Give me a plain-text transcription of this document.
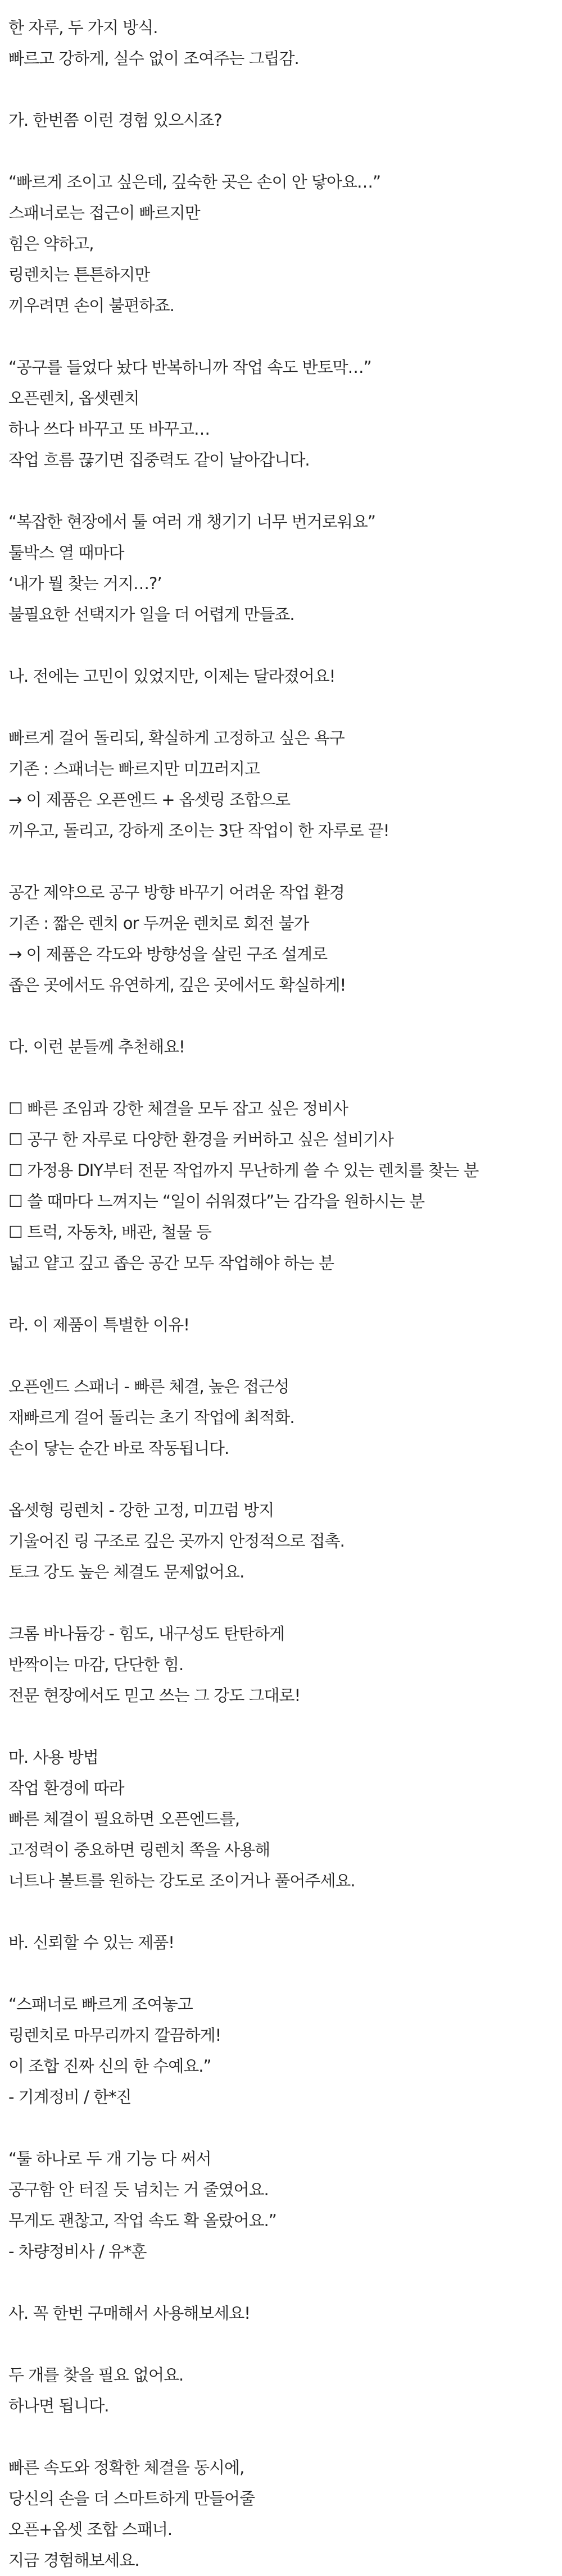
한 자루, 두 가지 방식.
빠르고 강하게, 실수 없이 조여주는 그립감.
가. 한번쯤 이런 경험 있으시죠?
“빠르게 조이고 싶은데, 깊숙한 곳은 손이 안 닿아요…”
스패너로는 접근이 빠르지만
힘은 약하고,
링렌치는 튼튼하지만
끼우려면 손이 불편하죠.
“공구를 들었다 놨다 반복하니까 작업 속도 반토막…”
오픈렌치, 옵셋렌치
하나 쓰다 바꾸고 또 바꾸고…
작업 흐름 끊기면 집중력도 같이 날아갑니다.
“복잡한 현장에서 툴 여러 개 챙기기 너무 번거로워요”
툴박스 열 때마다
‘내가 뭘 찾는 거지…?’
불필요한 선택지가 일을 더 어렵게 만들죠.
나. 전에는 고민이 있었지만, 이제는 달라졌어요!
빠르게 걸어 돌리되, 확실하게 고정하고 싶은 욕구
기존 : 스패너는 빠르지만 미끄러지고
→ 이 제품은 오픈엔드 + 옵셋링 조합으로
끼우고, 돌리고, 강하게 조이는 3단 작업이 한 자루로 끝!
공간 제약으로 공구 방향 바꾸기 어려운 작업 환경
기존 : 짧은 렌치 or 두꺼운 렌치로 회전 불가
→ 이 제품은 각도와 방향성을 살린 구조 설계로
좁은 곳에서도 유연하게, 깊은 곳에서도 확실하게!
다. 이런 분들께 추천해요!
☐ 빠른 조임과 강한 체결을 모두 잡고 싶은 정비사
☐ 공구 한 자루로 다양한 환경을 커버하고 싶은 설비기사
☐ 가정용 DIY부터 전문 작업까지 무난하게 쓸 수 있는 렌치를 찾는 분
☐ 쓸 때마다 느껴지는 “일이 쉬워졌다”는 감각을 원하시는 분
☐ 트럭, 자동차, 배관, 철물 등
넓고 얕고 깊고 좁은 공간 모두 작업해야 하는 분
라. 이 제품이 특별한 이유!
오픈엔드 스패너 - 빠른 체결, 높은 접근성
재빠르게 걸어 돌리는 초기 작업에 최적화.
손이 닿는 순간 바로 작동됩니다.
옵셋형 링렌치 - 강한 고정, 미끄럼 방지
기울어진 링 구조로 깊은 곳까지 안정적으로 접촉.
토크 강도 높은 체결도 문제없어요.
크롬 바나듐강 - 힘도, 내구성도 탄탄하게
반짝이는 마감, 단단한 힘.
전문 현장에서도 믿고 쓰는 그 강도 그대로!
마. 사용 방법
작업 환경에 따라
빠른 체결이 필요하면 오픈엔드를,
고정력이 중요하면 링렌치 쪽을 사용해
너트나 볼트를 원하는 강도로 조이거나 풀어주세요.
바. 신뢰할 수 있는 제품!
“스패너로 빠르게 조여놓고
링렌치로 마무리까지 깔끔하게!
이 조합 진짜 신의 한 수예요.”
- 기계정비 / 한*진
“툴 하나로 두 개 기능 다 써서
공구함 안 터질 듯 넘치는 거 줄였어요.
무게도 괜찮고, 작업 속도 확 올랐어요.”
- 차량정비사 / 유*훈
사. 꼭 한번 구매해서 사용해보세요!
두 개를 찾을 필요 없어요.
하나면 됩니다.
빠른 속도와 정확한 체결을 동시에,
당신의 손을 더 스마트하게 만들어줄
오픈+옵셋 조합 스패너.
지금 경험해보세요.
